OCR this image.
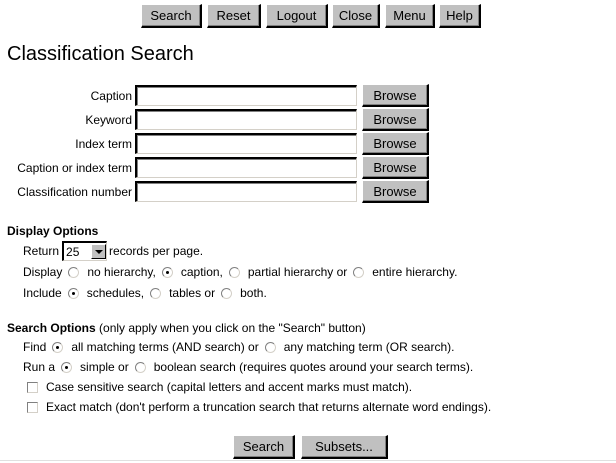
Search	Reset	Logout	Close	Menu	Help
Classification Search
Caption	Browse
Keyword	Browse
Index term	Browse
Caption or index term	Browse
Classification number	Browse
Display Options
Return 25	records per page.
Display no hierarchy, caption, partial hierarchy or entire hierarchy.
Include schedules, tables or both.
Search Options (only apply when you click on the "Search" button)
Find all matching terms (AND search) or any matching term (OR search).
Run a simple or boolean search (requires quotes around your search terms).
Case sensitive search (capital letters and accent marks must match).
Exact match (don't perform a truncation search that returns alternate word endings).
Search	Subsets...
